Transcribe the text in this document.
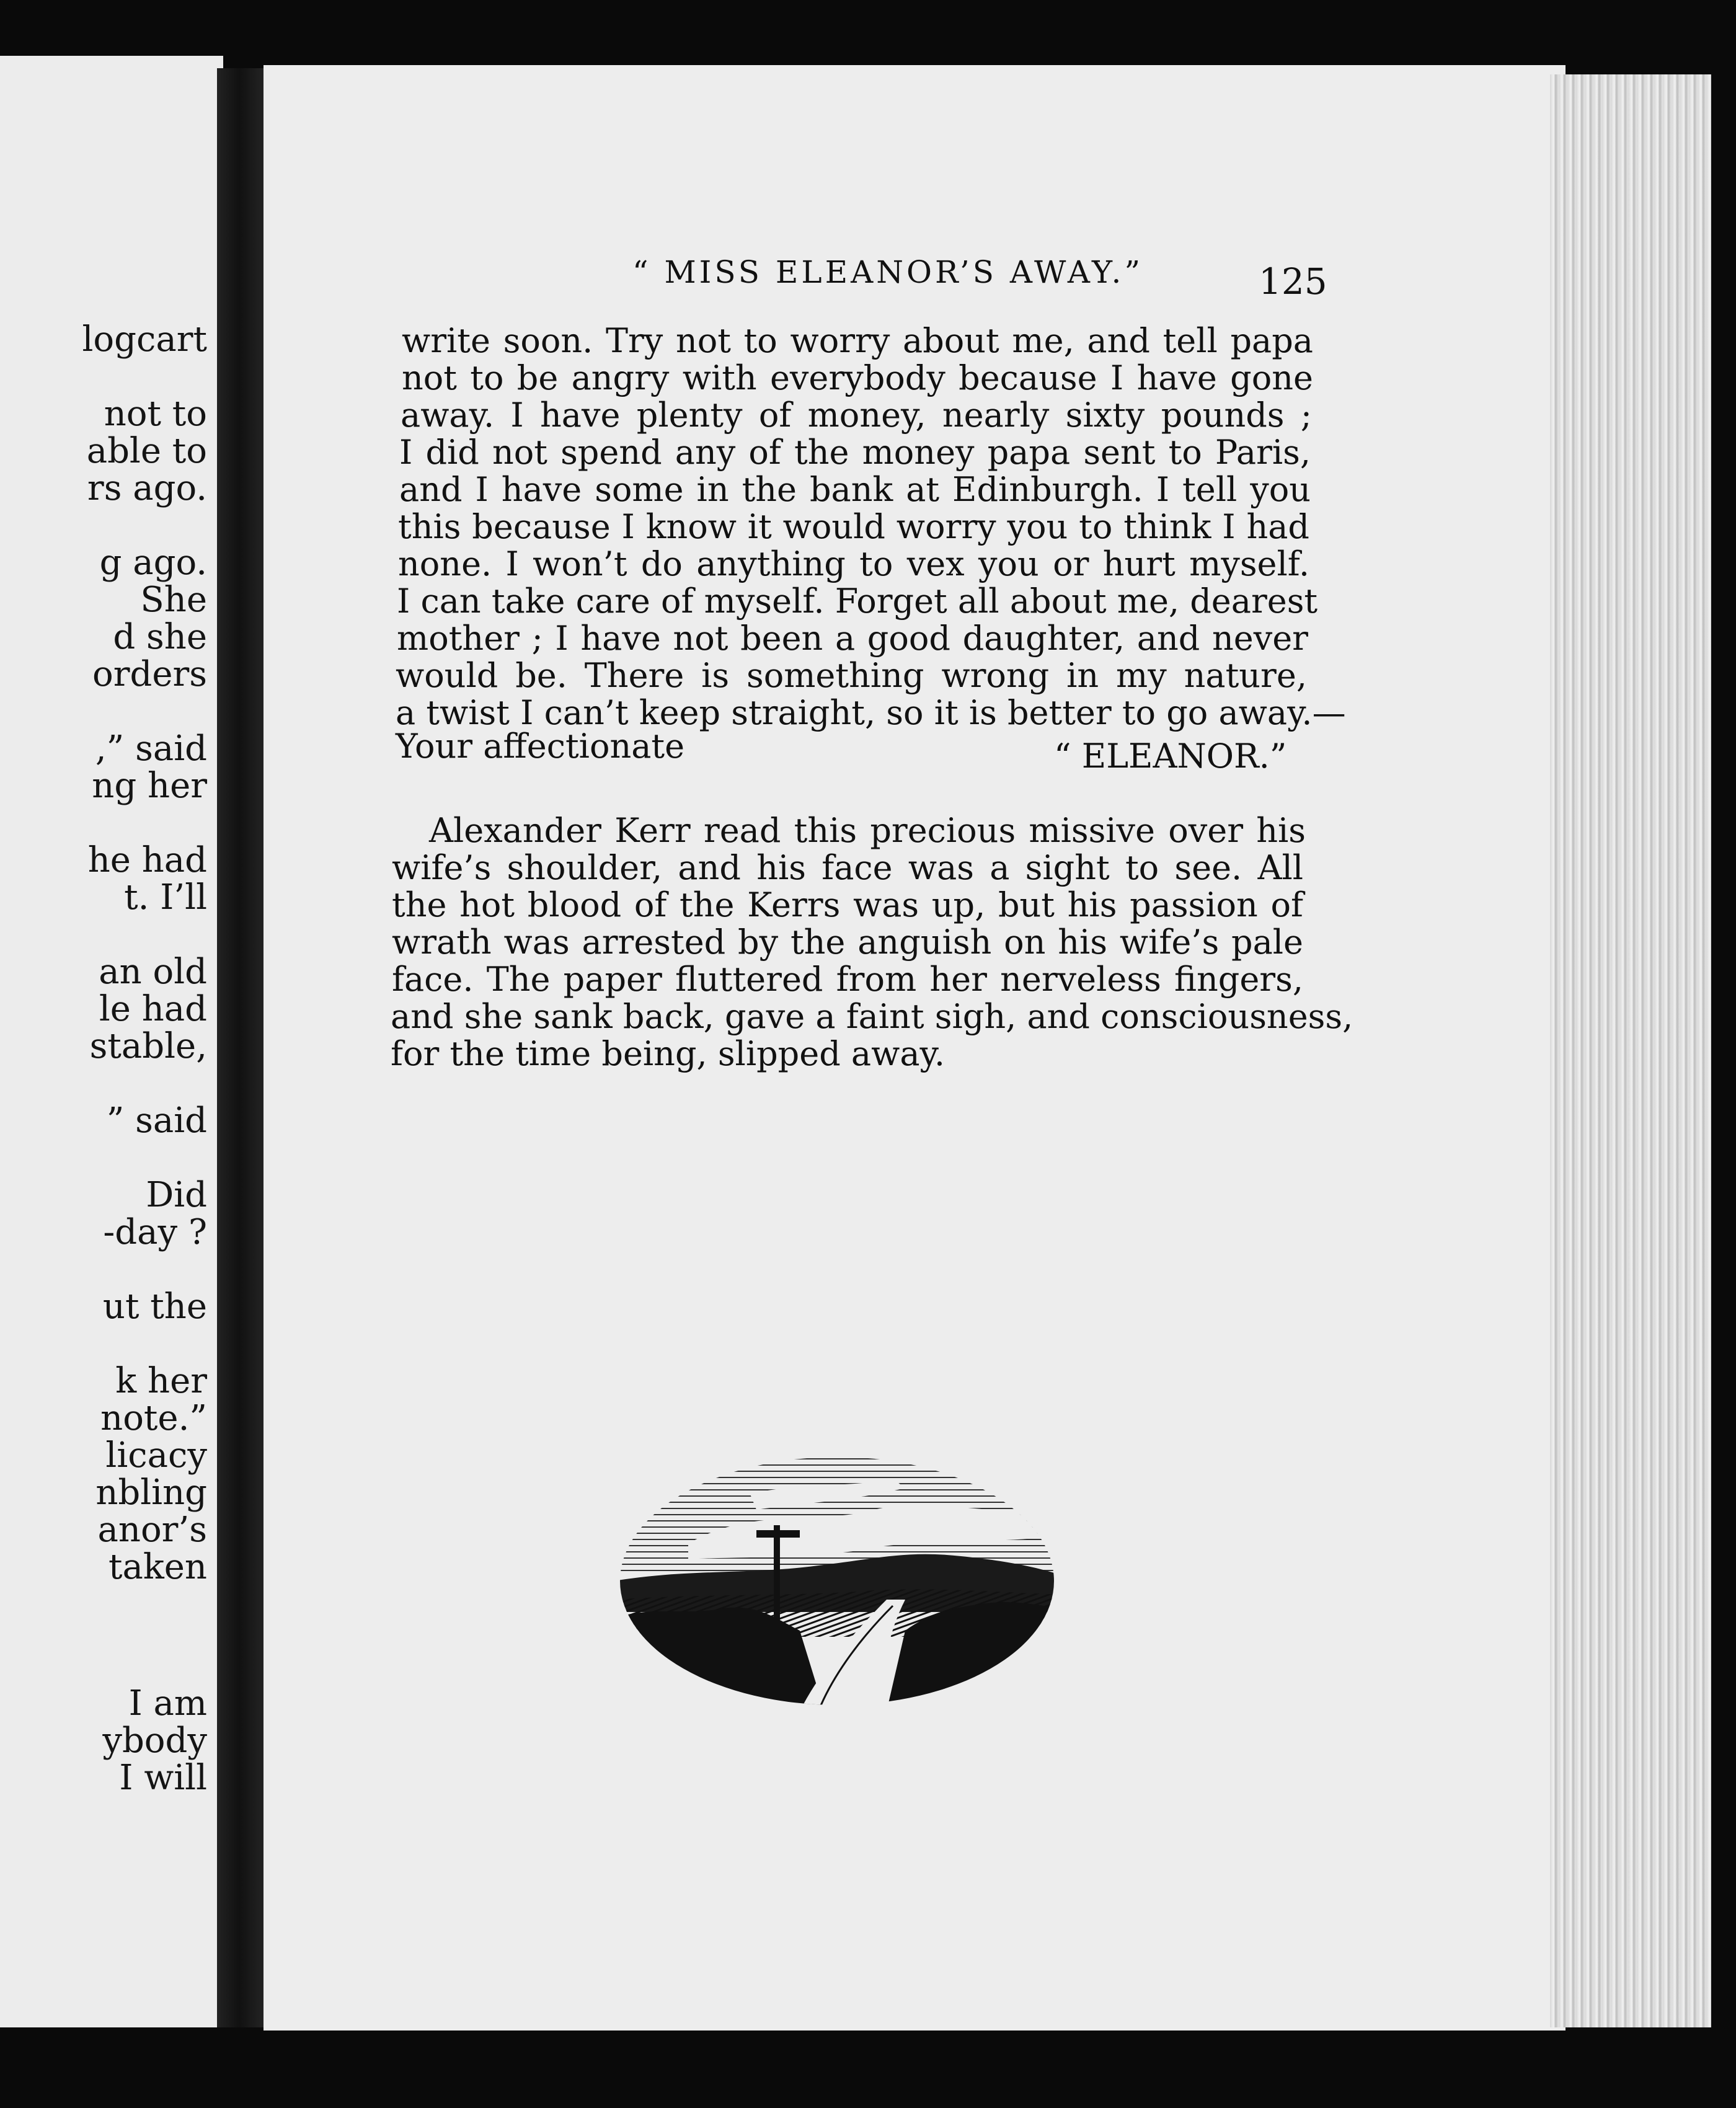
logcart
not to
able to
rs ago.
g ago.
She
d she
orders
,” said
ng her
he had
t. I’ll
an old
le had
stable,
” said
Did
-day ?
ut the
k her
note.”
licacy
nbling
anor’s
taken
I am
ybody
I will
“ MISS ELEANOR’S AWAY.”	125
write soon. Try not to worry about me, and tell papa
not to be angry with everybody because I have gone
away. I have plenty of money, nearly sixty pounds ;
I did not spend any of the money papa sent to Paris,
and I have some in the bank at Edinburgh. I tell you
this because I know it would worry you to think I had
none. I won’t do anything to vex you or hurt myself.
I can take care of myself. Forget all about me, dearest
mother ; I have not been a good daughter, and never
would be. There is something wrong in my nature,
a twist I can’t keep straight, so it is better to go away.—
Your affectionate	“ ELEANOR.”
Alexander Kerr read this precious missive over his
wife’s shoulder, and his face was a sight to see. All
the hot blood of the Kerrs was up, but his passion of
wrath was arrested by the anguish on his wife’s pale
face. The paper fluttered from her nerveless fingers,
and she sank back, gave a faint sigh, and consciousness,
for the time being, slipped away.
